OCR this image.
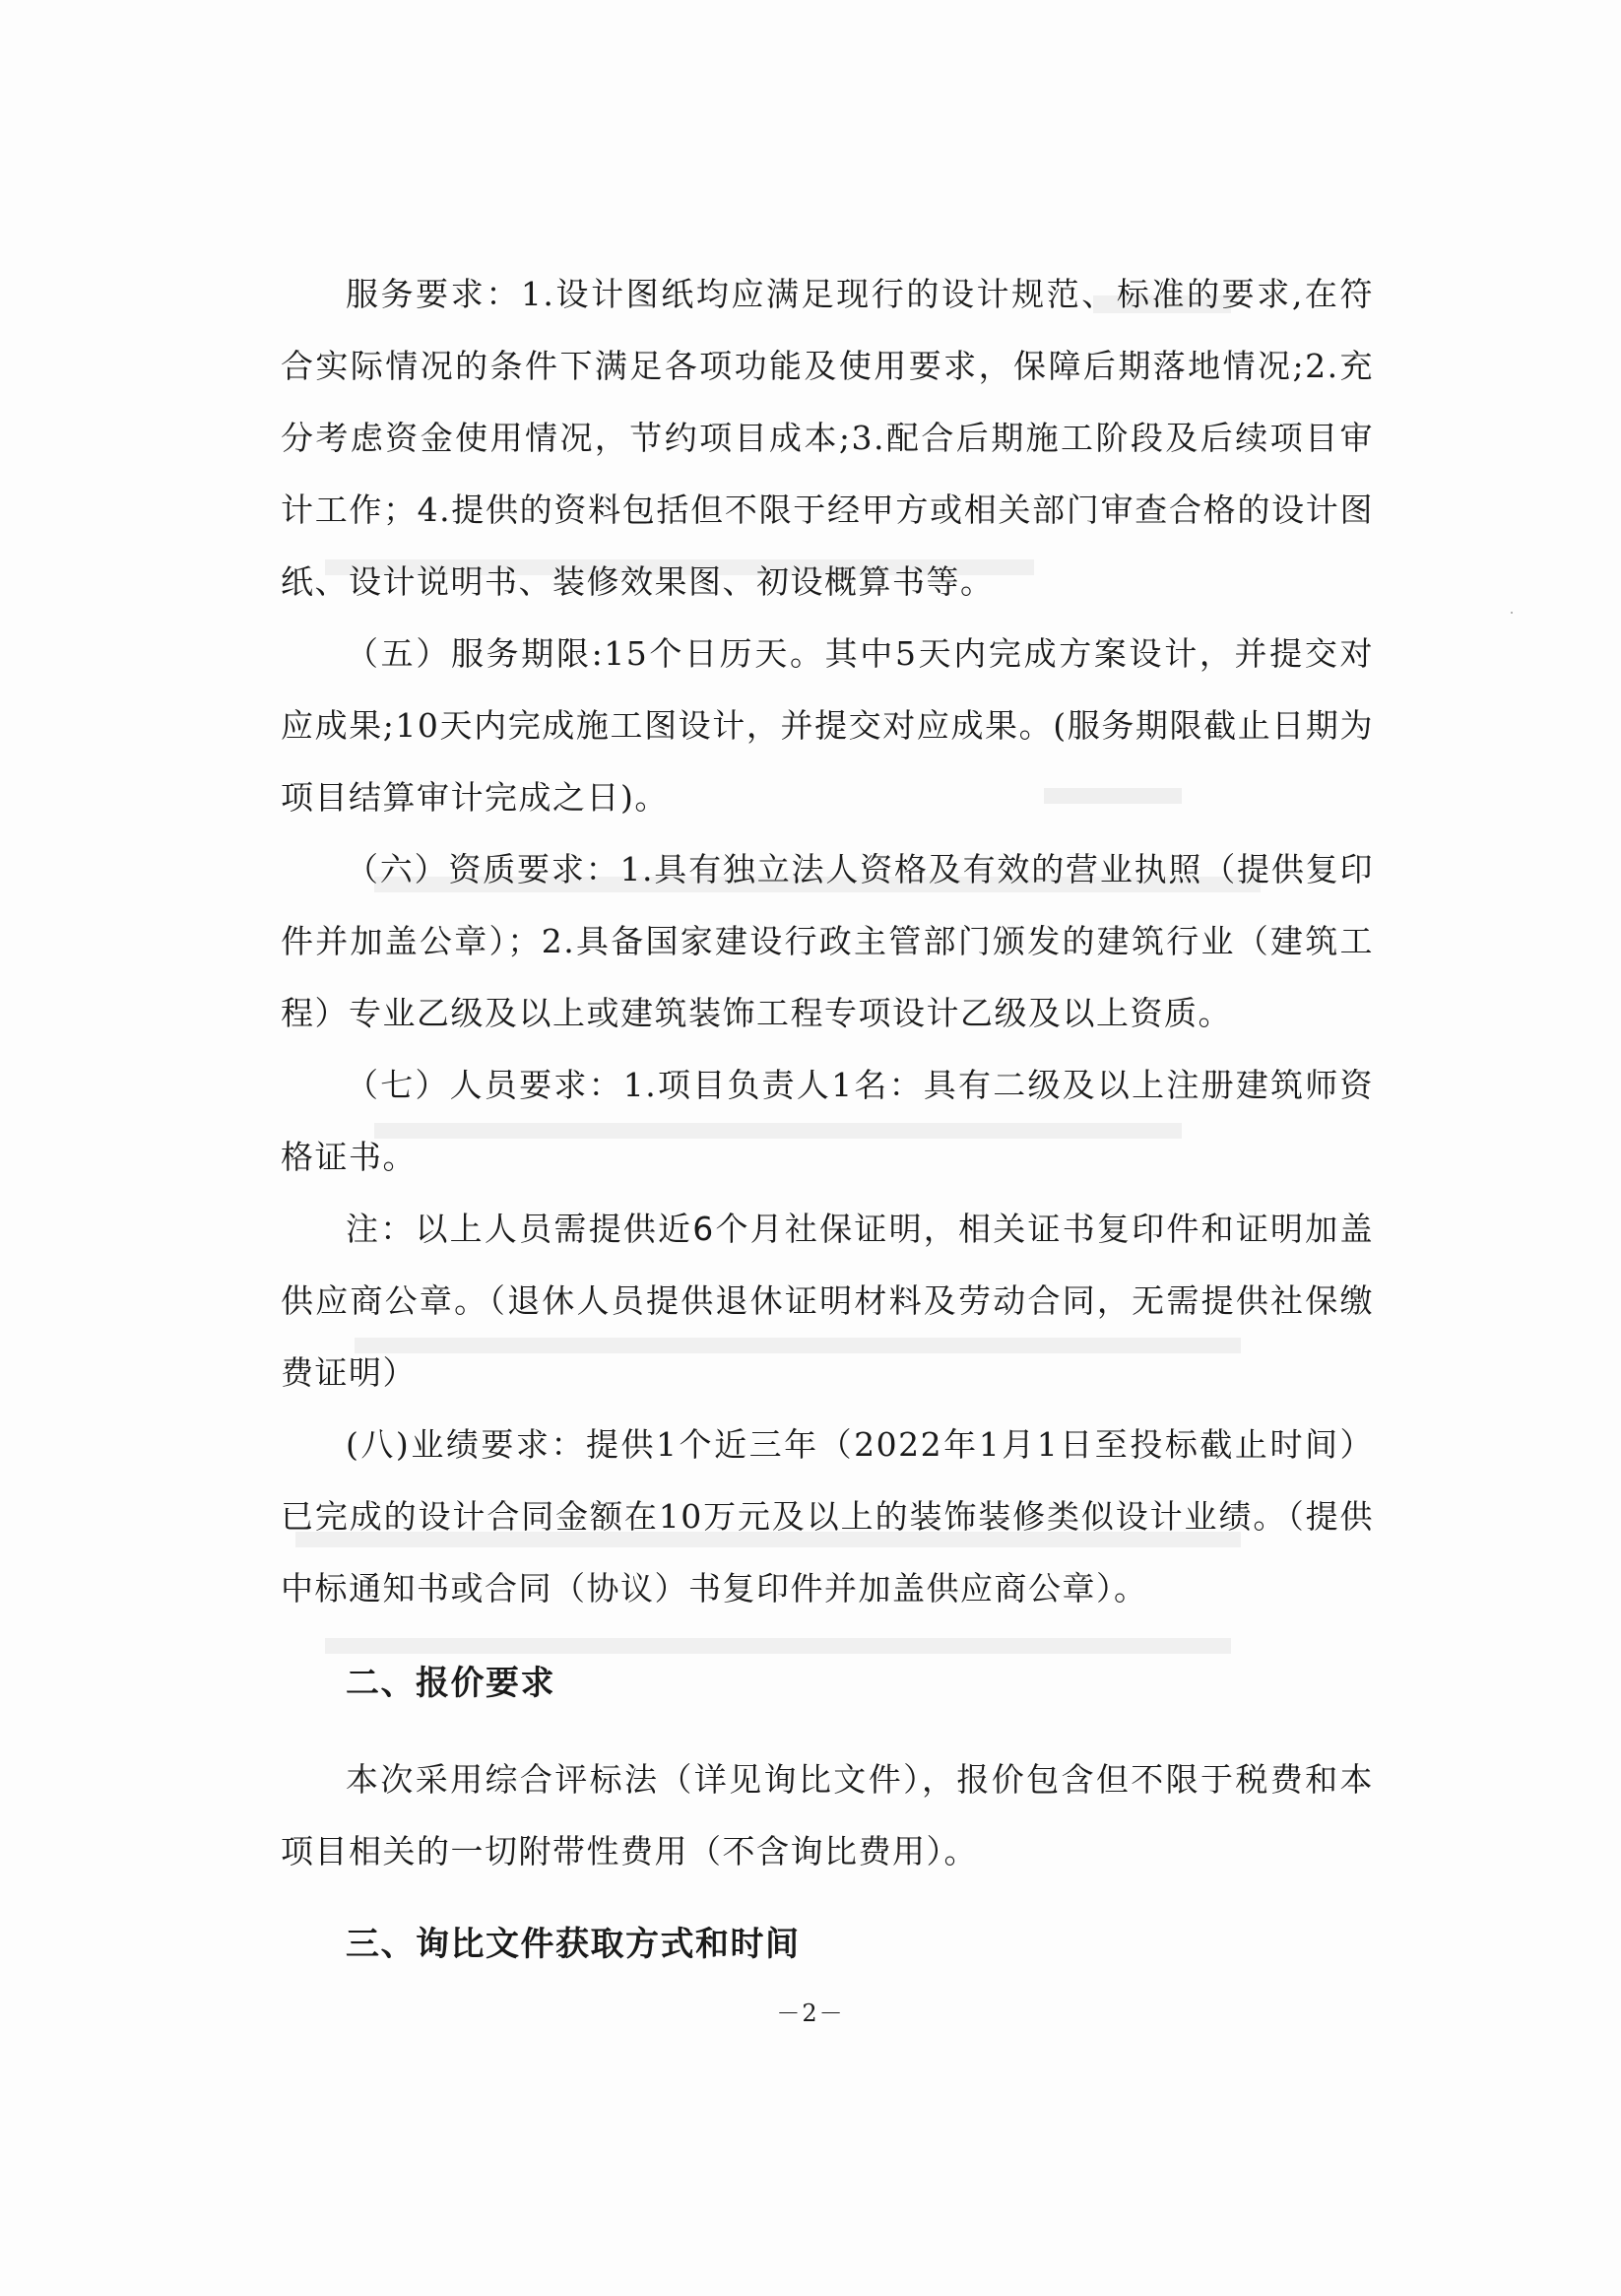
服务要求：1.设计图纸均应满足现行的设计规范、标准的要求,在符合实际情况的条件下满足各项功能及使用要求，保障后期落地情况;2.充分考虑资金使用情况，节约项目成本;3.配合后期施工阶段及后续项目审计工作；4.提供的资料包括但不限于经甲方或相关部门审查合格的设计图纸、设计说明书、装修效果图、初设概算书等。

（五）服务期限:15个日历天。其中5天内完成方案设计，并提交对应成果;10天内完成施工图设计，并提交对应成果。(服务期限截止日期为项目结算审计完成之日)。

（六）资质要求：1.具有独立法人资格及有效的营业执照（提供复印件并加盖公章）；2.具备国家建设行政主管部门颁发的建筑行业（建筑工程）专业乙级及以上或建筑装饰工程专项设计乙级及以上资质。

（七）人员要求：1.项目负责人1名：具有二级及以上注册建筑师资格证书。

注：以上人员需提供近6个月社保证明，相关证书复印件和证明加盖供应商公章。（退休人员提供退休证明材料及劳动合同，无需提供社保缴费证明）

(八)业绩要求：提供1个近三年（2022年1月1日至投标截止时间）已完成的设计合同金额在10万元及以上的装饰装修类似设计业绩。（提供中标通知书或合同（协议）书复印件并加盖供应商公章）。

二、报价要求

本次采用综合评标法（详见询比文件），报价包含但不限于税费和本项目相关的一切附带性费用（不含询比费用）。

三、询比文件获取方式和时间
－2－
